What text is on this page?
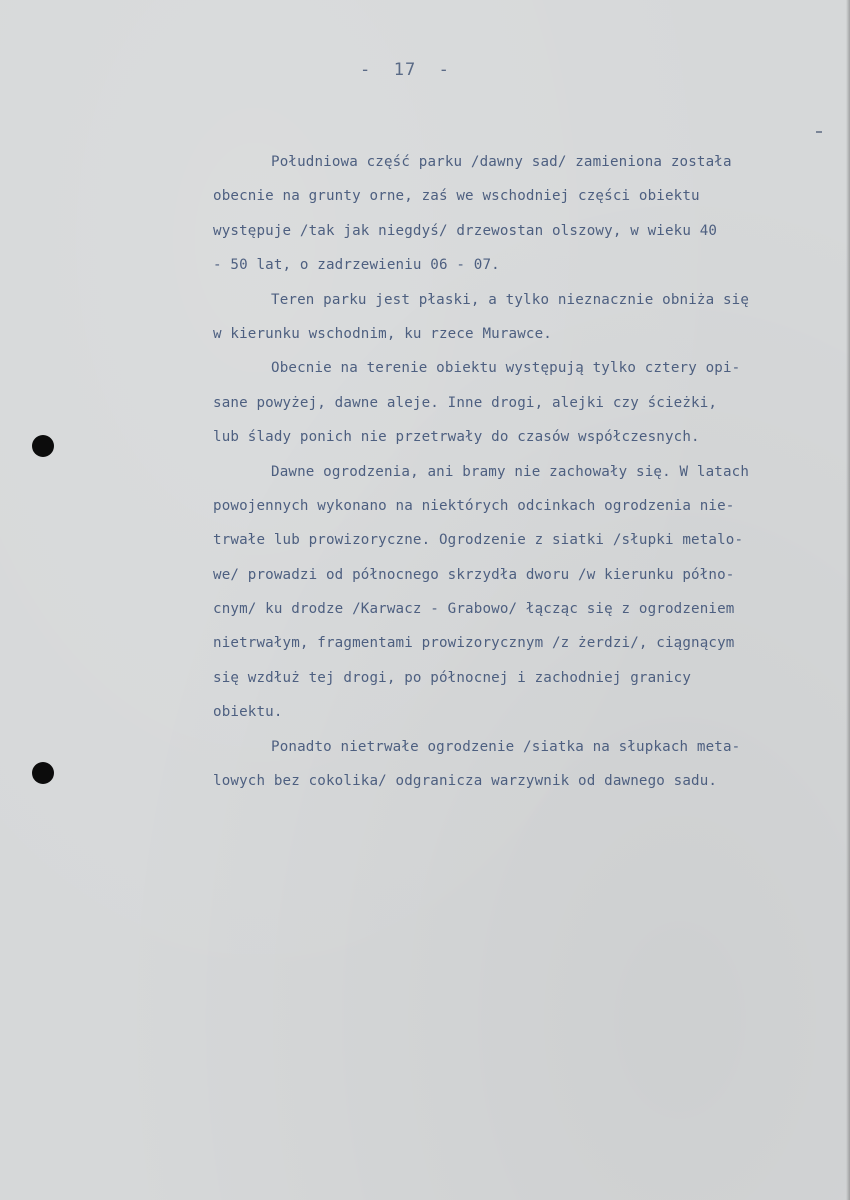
-  17  -
Południowa część parku /dawny sad/ zamieniona została
obecnie na grunty orne, zaś we wschodniej części obiektu
występuje /tak jak niegdyś/ drzewostan olszowy, w wieku 40
- 50 lat, o zadrzewieniu 06 - 07.
Teren parku jest płaski, a tylko nieznacznie obniża się
w kierunku wschodnim, ku rzece Murawce.
Obecnie na terenie obiektu występują tylko cztery opi-
sane powyżej, dawne aleje. Inne drogi, alejki czy ścieżki,
lub ślady ponich nie przetrwały do czasów współczesnych.
Dawne ogrodzenia, ani bramy nie zachowały się. W latach
powojennych wykonano na niektórych odcinkach ogrodzenia nie-
trwałe lub prowizoryczne. Ogrodzenie z siatki /słupki metalo-
we/ prowadzi od północnego skrzydła dworu /w kierunku półno-
cnym/ ku drodze /Karwacz - Grabowo/ łącząc się z ogrodzeniem
nietrwałym, fragmentami prowizorycznym /z żerdzi/, ciągnącym
się wzdłuż tej drogi, po północnej i zachodniej granicy
obiektu.
Ponadto nietrwałe ogrodzenie /siatka na słupkach meta-
lowych bez cokolika/ odgranicza warzywnik od dawnego sadu.
